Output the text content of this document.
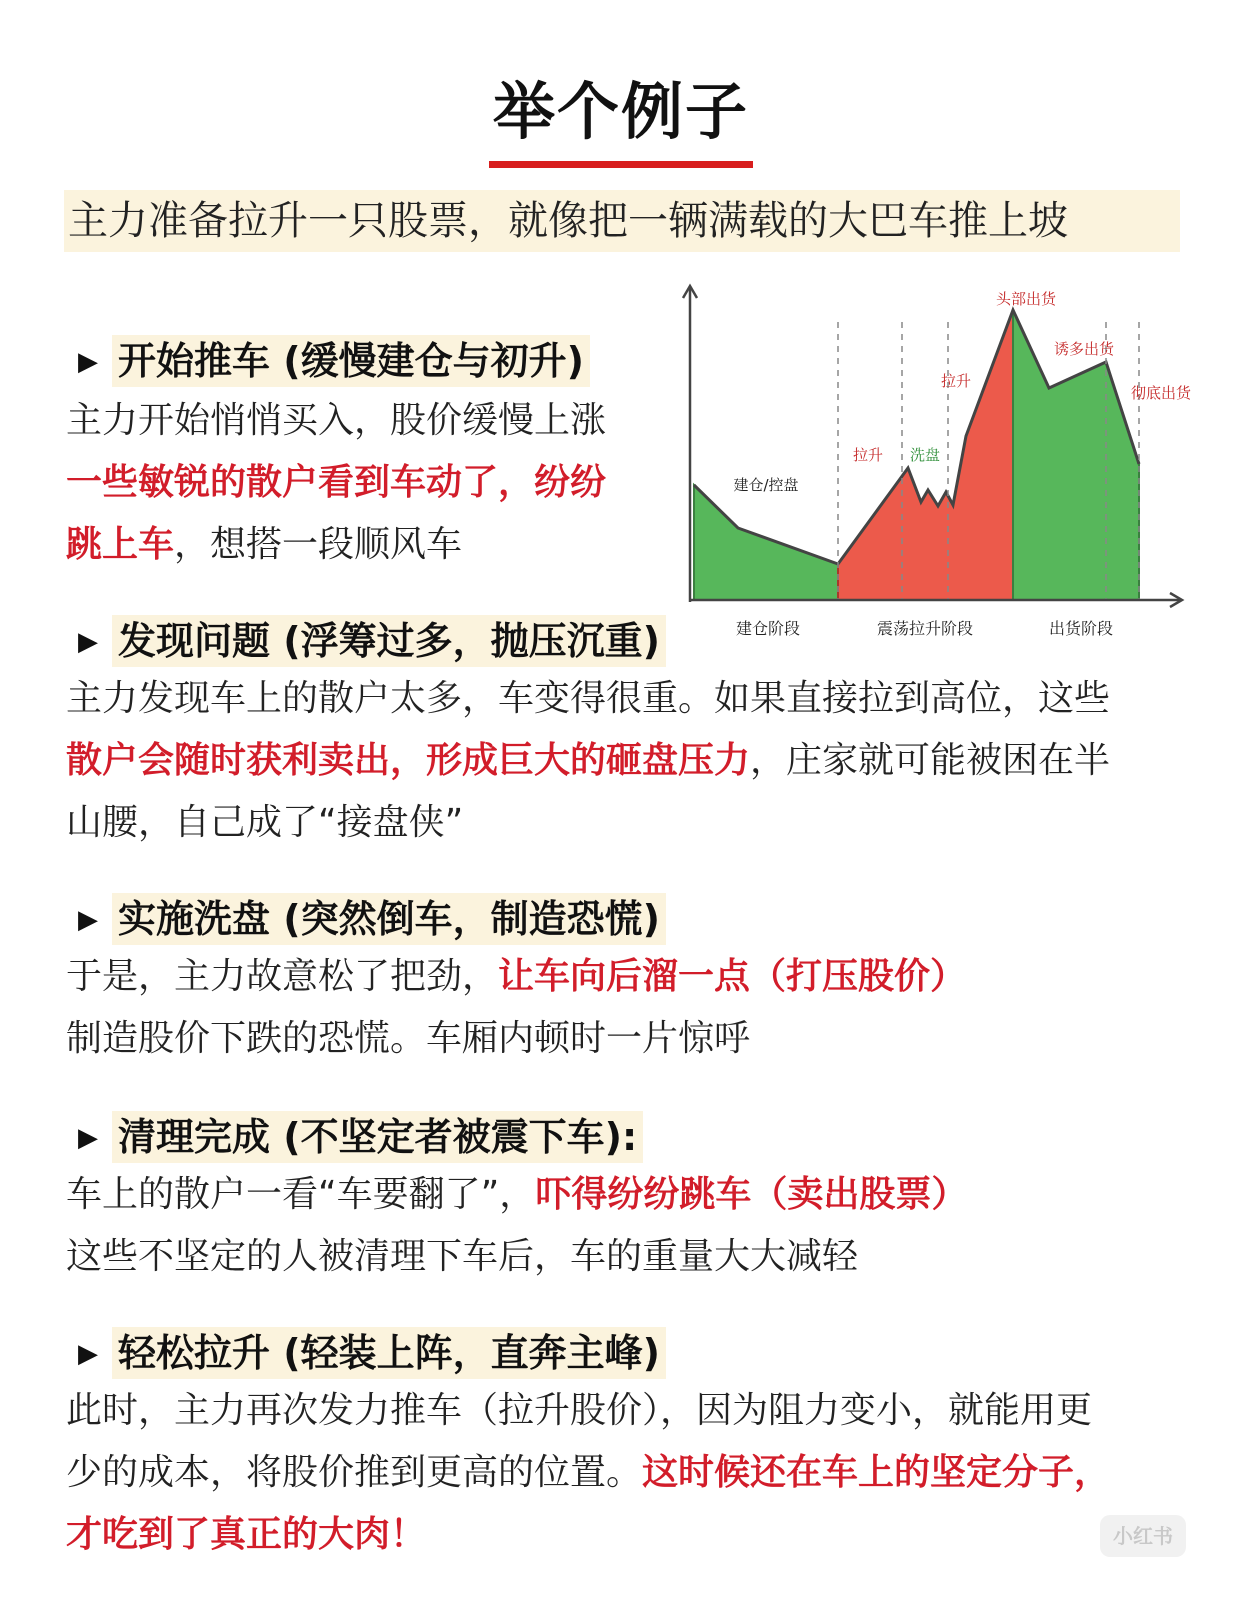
举个例子
主力准备拉升一只股票，就像把一辆满载的大巴车推上坡
▶ 开始推车 (缓慢建仓与初升)
主力开始悄悄买入，股价缓慢上涨
一些敏锐的散户看到车动了，纷纷
跳上车，想搭一段顺风车
▶ 发现问题 (浮筹过多，抛压沉重)
主力发现车上的散户太多，车变得很重。如果直接拉到高位，这些
散户会随时获利卖出，形成巨大的砸盘压力，庄家就可能被困在半
山腰，自己成了“接盘侠”
▶ 实施洗盘 (突然倒车，制造恐慌)
于是，主力故意松了把劲，让车向后溜一点（打压股价）
制造股价下跌的恐慌。车厢内顿时一片惊呼
▶ 清理完成 (不坚定者被震下车):
车上的散户一看“车要翻了”，吓得纷纷跳车（卖出股票）
这些不坚定的人被清理下车后，车的重量大大减轻
▶ 轻松拉升 (轻装上阵，直奔主峰)
此时，主力再次发力推车（拉升股价），因为阻力变小，就能用更
少的成本，将股价推到更高的位置。这时候还在车上的坚定分子，
才吃到了真正的大肉！
头部出货
诱多出货
彻底出货
拉升
拉升 洗盘
建仓/控盘
建仓阶段	震荡拉升阶段	出货阶段
小红书
